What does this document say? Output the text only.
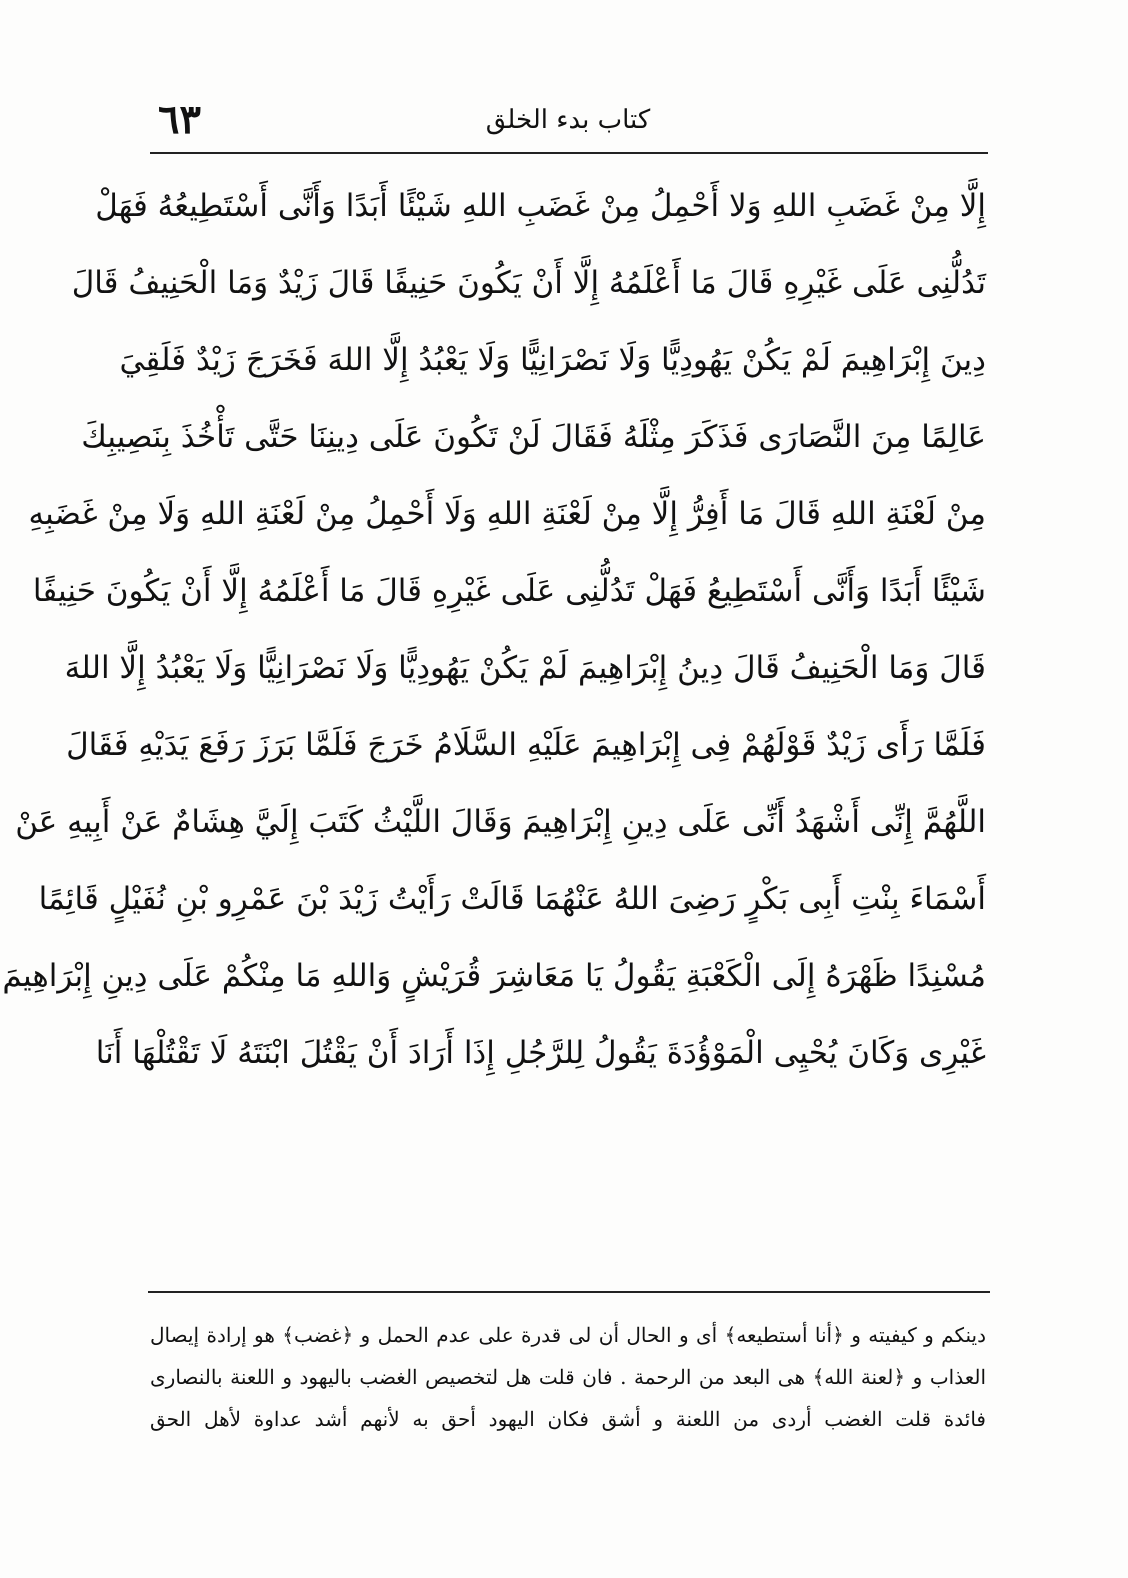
٦٣	كتاب بدء الخلق
إِلَّا مِنْ غَضَبِ اللهِ وَلا أَحْمِلُ مِنْ غَضَبِ اللهِ شَيْئًا أَبَدًا وَأَنَّى أَسْتَطِيعُهُ فَهَلْ
تَدُلُّنِى عَلَى غَيْرِهِ قَالَ مَا أَعْلَمُهُ إِلَّا أَنْ يَكُونَ حَنِيفًا قَالَ زَيْدٌ وَمَا الْحَنِيفُ قَالَ
دِينَ إِبْرَاهِيمَ لَمْ يَكُنْ يَهُودِيًّا وَلَا نَصْرَانِيًّا وَلَا يَعْبُدُ إِلَّا اللهَ فَخَرَجَ زَيْدٌ فَلَقِيَ
عَالِمًا مِنَ النَّصَارَى فَذَكَرَ مِثْلَهُ فَقَالَ لَنْ تَكُونَ عَلَى دِينِنَا حَتَّى تَأْخُذَ بِنَصِيبِكَ
مِنْ لَعْنَةِ اللهِ قَالَ مَا أَفِرُّ إِلَّا مِنْ لَعْنَةِ اللهِ وَلَا أَحْمِلُ مِنْ لَعْنَةِ اللهِ وَلَا مِنْ غَضَبِهِ
شَيْئًا أَبَدًا وَأَنَّى أَسْتَطِيعُ فَهَلْ تَدُلُّنِى عَلَى غَيْرِهِ قَالَ مَا أَعْلَمُهُ إِلَّا أَنْ يَكُونَ حَنِيفًا
قَالَ وَمَا الْحَنِيفُ قَالَ دِينُ إِبْرَاهِيمَ لَمْ يَكُنْ يَهُودِيًّا وَلَا نَصْرَانِيًّا وَلَا يَعْبُدُ إِلَّا اللهَ
فَلَمَّا رَأَى زَيْدٌ قَوْلَهُمْ فِى إِبْرَاهِيمَ عَلَيْهِ السَّلَامُ خَرَجَ فَلَمَّا بَرَزَ رَفَعَ يَدَيْهِ فَقَالَ
اللَّهُمَّ إِنِّى أَشْهَدُ أَنِّى عَلَى دِينِ إِبْرَاهِيمَ وَقَالَ اللَّيْثُ كَتَبَ إِلَيَّ هِشَامٌ عَنْ أَبِيهِ عَنْ
أَسْمَاءَ بِنْتِ أَبِى بَكْرٍ رَضِىَ اللهُ عَنْهُمَا قَالَتْ رَأَيْتُ زَيْدَ بْنَ عَمْرِو بْنِ نُفَيْلٍ قَائِمًا
مُسْنِدًا ظَهْرَهُ إِلَى الْكَعْبَةِ يَقُولُ يَا مَعَاشِرَ قُرَيْشٍ وَاللهِ مَا مِنْكُمْ عَلَى دِينِ إِبْرَاهِيمَ
غَيْرِى وَكَانَ يُحْيِى الْمَوْؤُدَةَ يَقُولُ لِلرَّجُلِ إِذَا أَرَادَ أَنْ يَقْتُلَ ابْنَتَهُ لَا تَقْتُلْهَا أَنَا
دينكم و كيفيته و ﴿أنا أستطيعه﴾ أى و الحال أن لى قدرة على عدم الحمل و ﴿غضب﴾ هو إرادة إيصال
العذاب و ﴿لعنة الله﴾ هى البعد من الرحمة . فان قلت هل لتخصيص الغضب باليهود و اللعنة بالنصارى
فائدة قلت الغضب أردى من اللعنة و أشق فكان اليهود أحق به لأنهم أشد عداوة لأهل الحق
